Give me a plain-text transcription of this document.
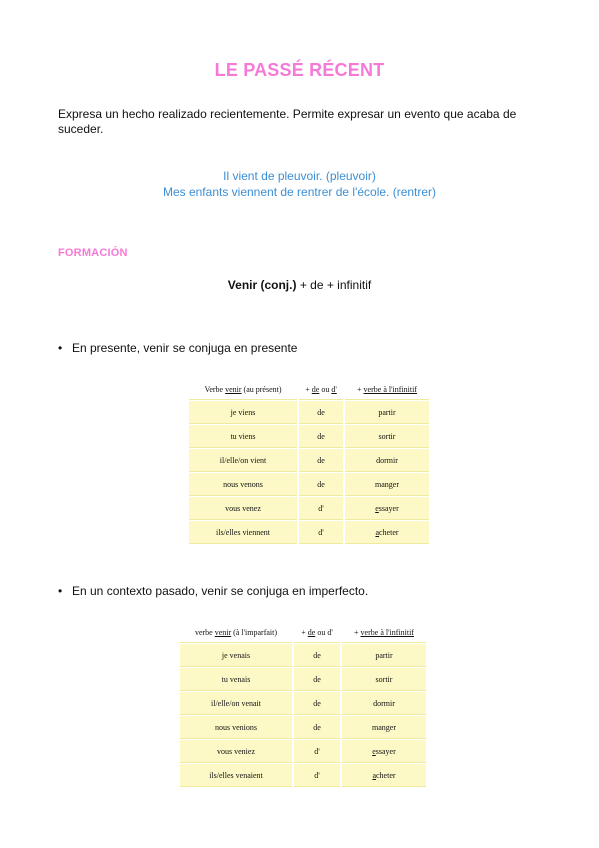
LE PASSÉ RÉCENT
Expresa un hecho realizado recientemente. Permite expresar un evento que acaba de suceder.
Il vient de pleuvoir. (pleuvoir)
Mes enfants viennent de rentrer de l'école. (rentrer)
FORMACIÓN
Venir (conj.) + de + infinitif
• En presente, venir se conjuga en presente
Verbe venir (au présent)	+ de ou d'	+ verbe à l'infinitif
je viens	de	partir
tu viens	de	sortir
il/elle/on vient	de	dormir
nous venons	de	manger
vous venez	d'	essayer
ils/elles viennent	d'	acheter
• En un contexto pasado, venir se conjuga en imperfecto.
verbe venir (à l'imparfait)	+ de ou d'	+ verbe à l'infinitif
je venais	de	partir
tu venais	de	sortir
il/elle/on venait	de	dormir
nous venions	de	manger
vous veniez	d'	essayer
ils/elles venaient	d'	acheter
